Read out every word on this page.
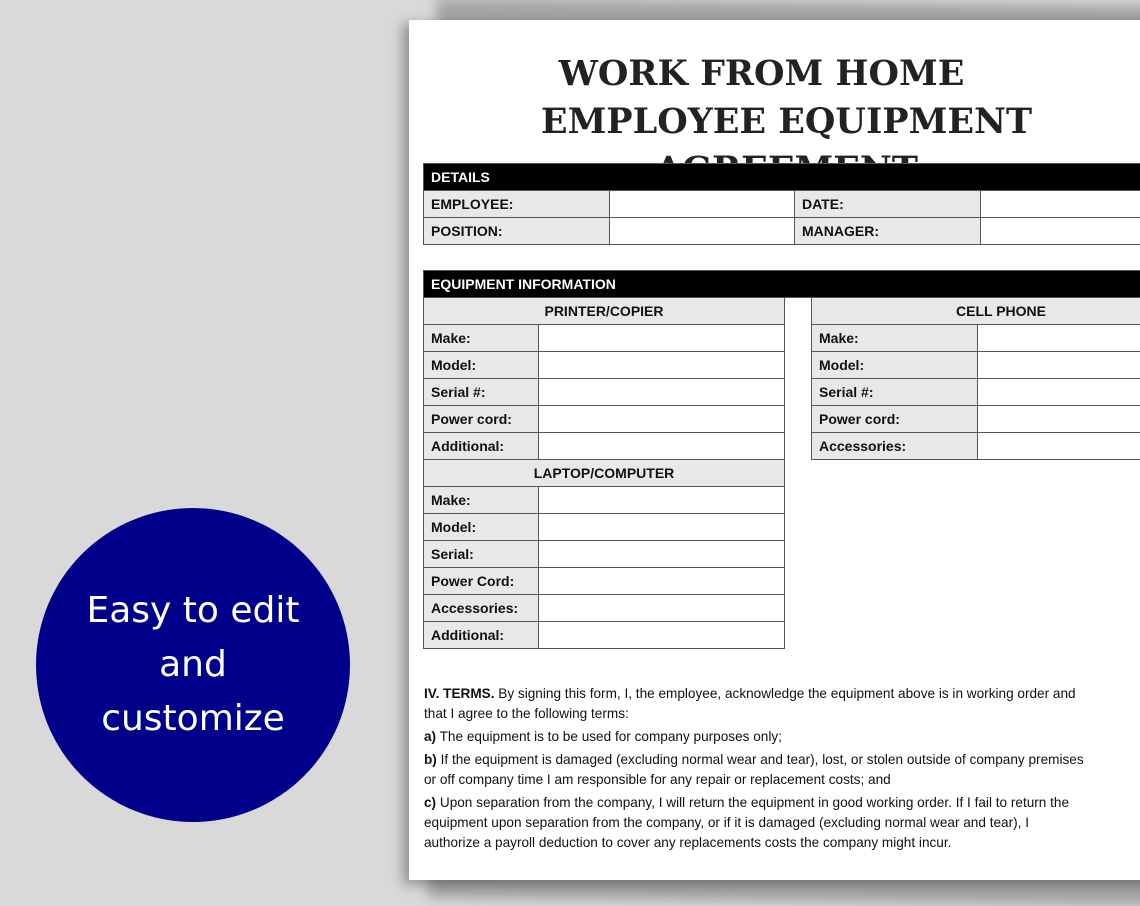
WORK FROM HOME
EMPLOYEE EQUIPMENT
DETAILS			
EMPLOYEE:		DATE:	
POSITION:		MANAGER:	
EQUIPMENT INFORMATION
PRINTER/COPIER	
Make:	
Model:	
Serial #:	
Power cord:	
Additional:	
LAPTOP/COMPUTER	
Make:	
Model:	
Serial:	
Power Cord:	
Accessories:	
Additional:	
CELL PHONE	
Make:	
Model:	
Serial #:	
Power cord:	
Accessories:	

IV. TERMS. By signing this form, I, the employee, acknowledge the equipment above is in working order and
that I agree to the following terms:

a) The equipment is to be used for company purposes only;

b) If the equipment is damaged (excluding normal wear and tear), lost, or stolen outside of company premises
or off company time I am responsible for any repair or replacement costs; and

c) Upon separation from the company, I will return the equipment in good working order. If I fail to return the
equipment upon separation from the company, or if it is damaged (excluding normal wear and tear), I
authorize a payroll deduction to cover any replacements costs the company might incur.

Easy to edit and customize
